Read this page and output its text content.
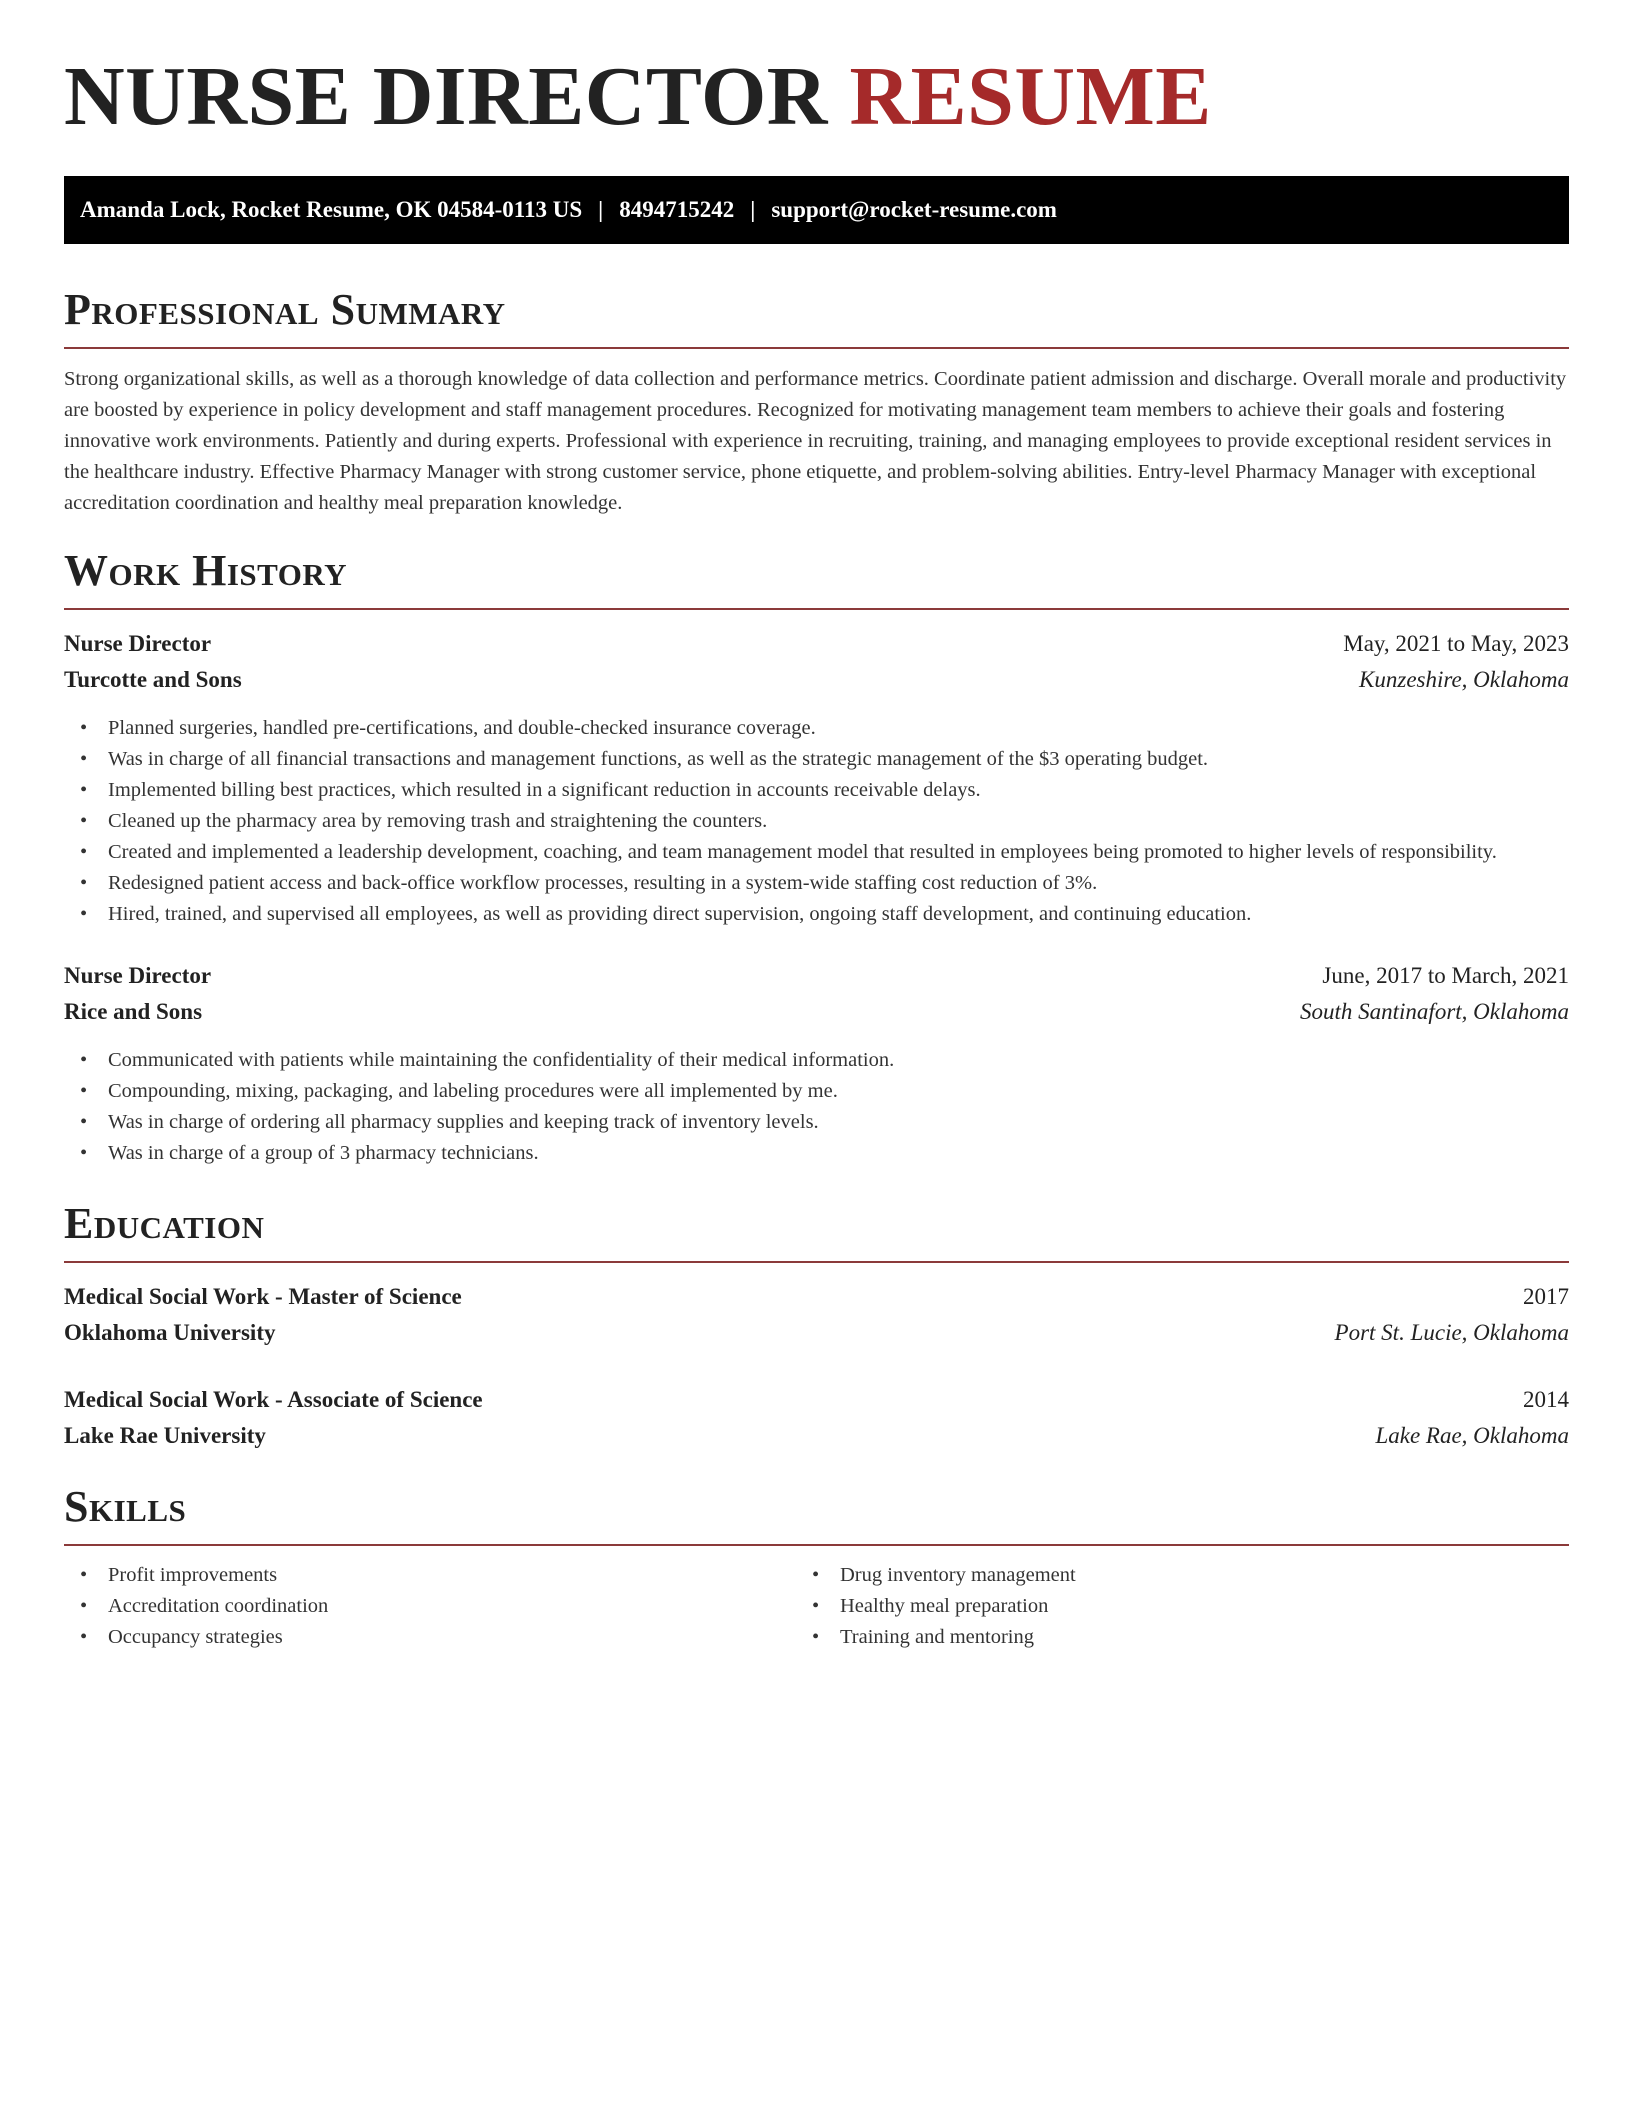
NURSE DIRECTOR RESUME
Amanda Lock, Rocket Resume, OK 04584-0113 US | 8494715242 | support@rocket-resume.com
Professional Summary

Strong organizational skills, as well as a thorough knowledge of data collection and performance metrics. Coordinate patient admission and discharge. Overall morale and productivity are boosted by experience in policy development and staff management procedures. Recognized for motivating management team members to achieve their goals and fostering innovative work environments. Patiently and during experts. Professional with experience in recruiting, training, and managing employees to provide exceptional resident services in the healthcare industry. Effective Pharmacy Manager with strong customer service, phone etiquette, and problem-solving abilities. Entry-level Pharmacy Manager with exceptional accreditation coordination and healthy meal preparation knowledge.

Work History
Nurse Director	May, 2021 to May, 2023
Turcotte and Sons	Kunzeshire, Oklahoma
• Planned surgeries, handled pre-certifications, and double-checked insurance coverage.
• Was in charge of all financial transactions and management functions, as well as the strategic management of the $3 operating budget.
• Implemented billing best practices, which resulted in a significant reduction in accounts receivable delays.
• Cleaned up the pharmacy area by removing trash and straightening the counters.
• Created and implemented a leadership development, coaching, and team management model that resulted in employees being promoted to higher levels of responsibility.
• Redesigned patient access and back-office workflow processes, resulting in a system-wide staffing cost reduction of 3%.
• Hired, trained, and supervised all employees, as well as providing direct supervision, ongoing staff development, and continuing education.
Nurse Director	June, 2017 to March, 2021
Rice and Sons	South Santinafort, Oklahoma
• Communicated with patients while maintaining the confidentiality of their medical information.
• Compounding, mixing, packaging, and labeling procedures were all implemented by me.
• Was in charge of ordering all pharmacy supplies and keeping track of inventory levels.
• Was in charge of a group of 3 pharmacy technicians.
Education
Medical Social Work - Master of Science	2017
Oklahoma University	Port St. Lucie, Oklahoma
Medical Social Work - Associate of Science	2014
Lake Rae University	Lake Rae, Oklahoma
Skills
• Profit improvements
• Accreditation coordination
• Occupancy strategies
• Drug inventory management
• Healthy meal preparation
• Training and mentoring
